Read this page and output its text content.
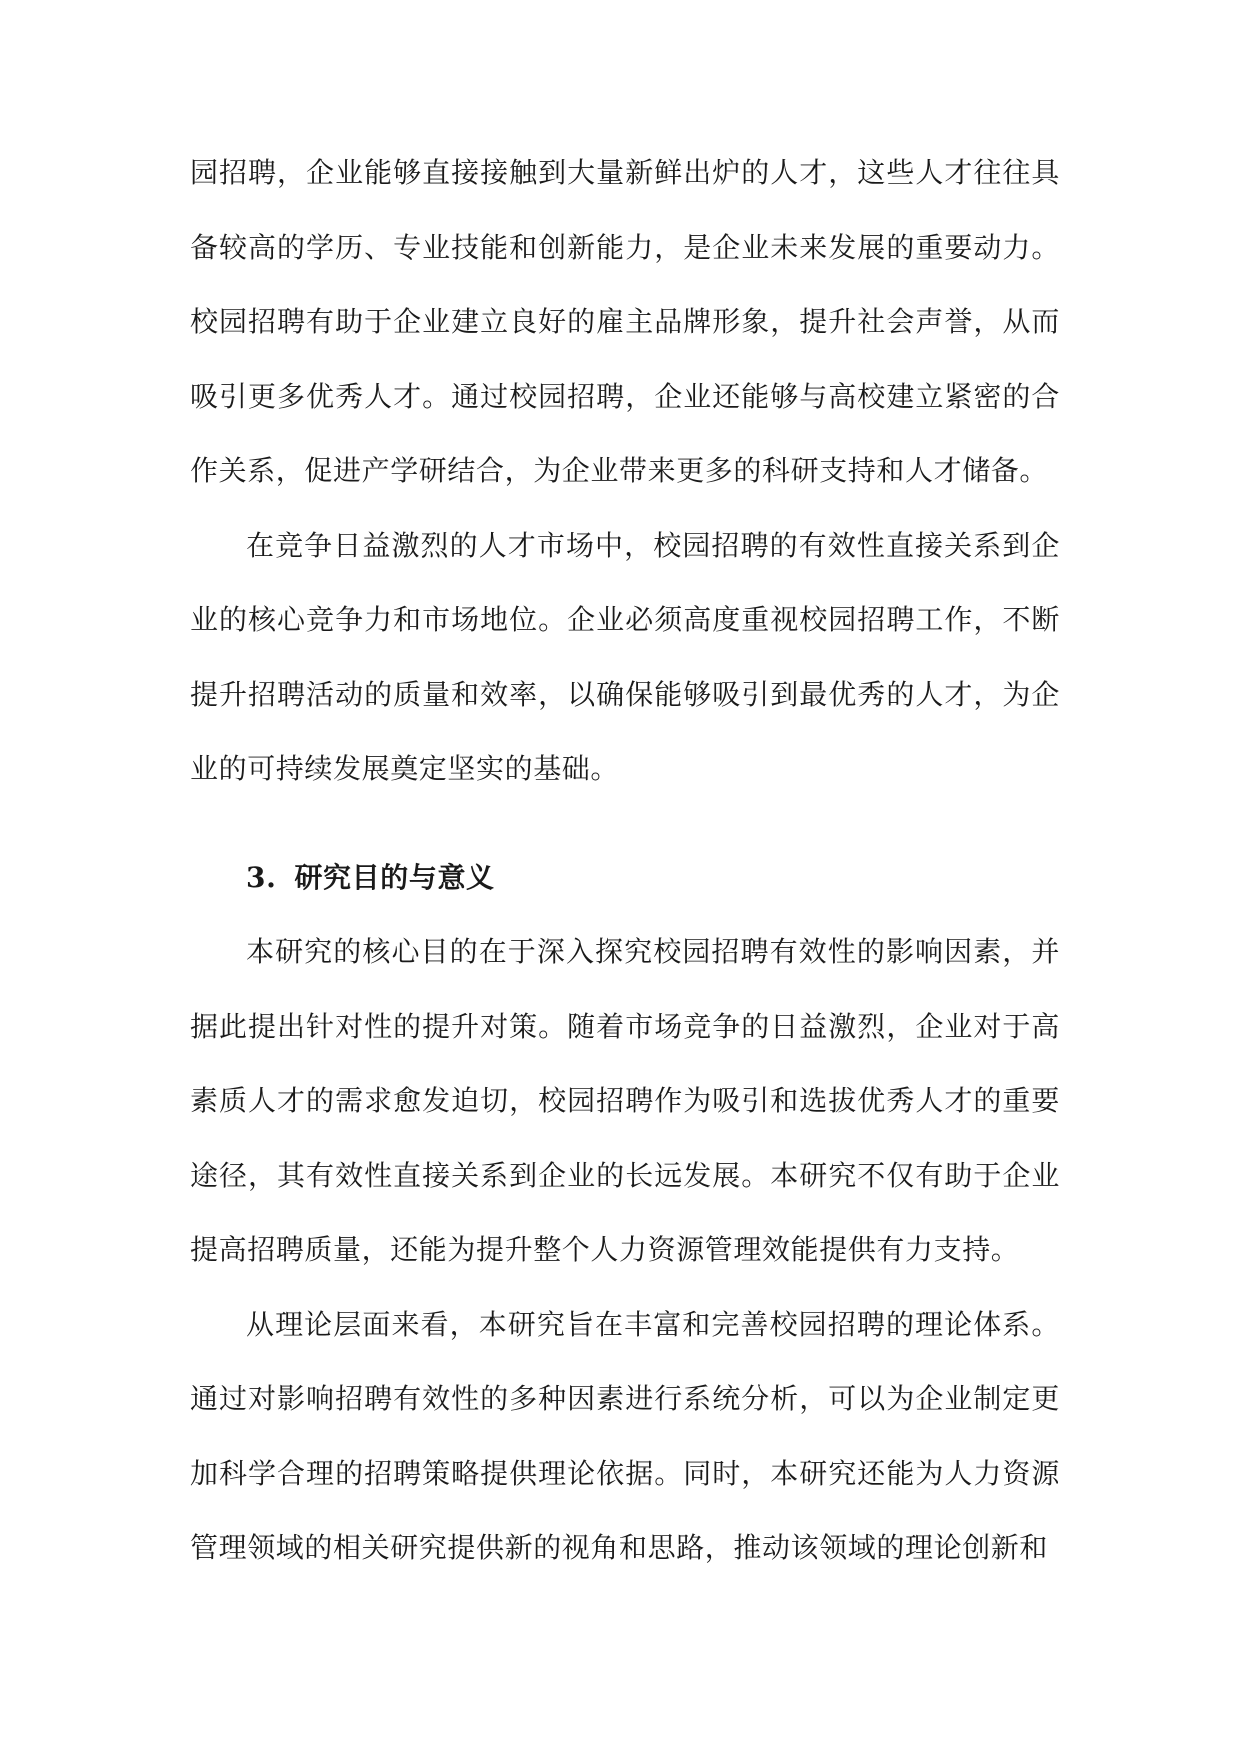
园招聘，企业能够直接接触到大量新鲜出炉的人才，这些人才往往具备较高的学历、专业技能和创新能力，是企业未来发展的重要动力。校园招聘有助于企业建立良好的雇主品牌形象，提升社会声誉，从而吸引更多优秀人才。通过校园招聘，企业还能够与高校建立紧密的合作关系，促进产学研结合，为企业带来更多的科研支持和人才储备。

在竞争日益激烈的人才市场中，校园招聘的有效性直接关系到企业的核心竞争力和市场地位。企业必须高度重视校园招聘工作，不断提升招聘活动的质量和效率，以确保能够吸引到最优秀的人才，为企业的可持续发展奠定坚实的基础。

3. 研究目的与意义

本研究的核心目的在于深入探究校园招聘有效性的影响因素，并据此提出针对性的提升对策。随着市场竞争的日益激烈，企业对于高素质人才的需求愈发迫切，校园招聘作为吸引和选拔优秀人才的重要途径，其有效性直接关系到企业的长远发展。本研究不仅有助于企业提高招聘质量，还能为提升整个人力资源管理效能提供有力支持。

从理论层面来看，本研究旨在丰富和完善校园招聘的理论体系。通过对影响招聘有效性的多种因素进行系统分析，可以为企业制定更加科学合理的招聘策略提供理论依据。同时，本研究还能为人力资源管理领域的相关研究提供新的视角和思路，推动该领域的理论创新和
